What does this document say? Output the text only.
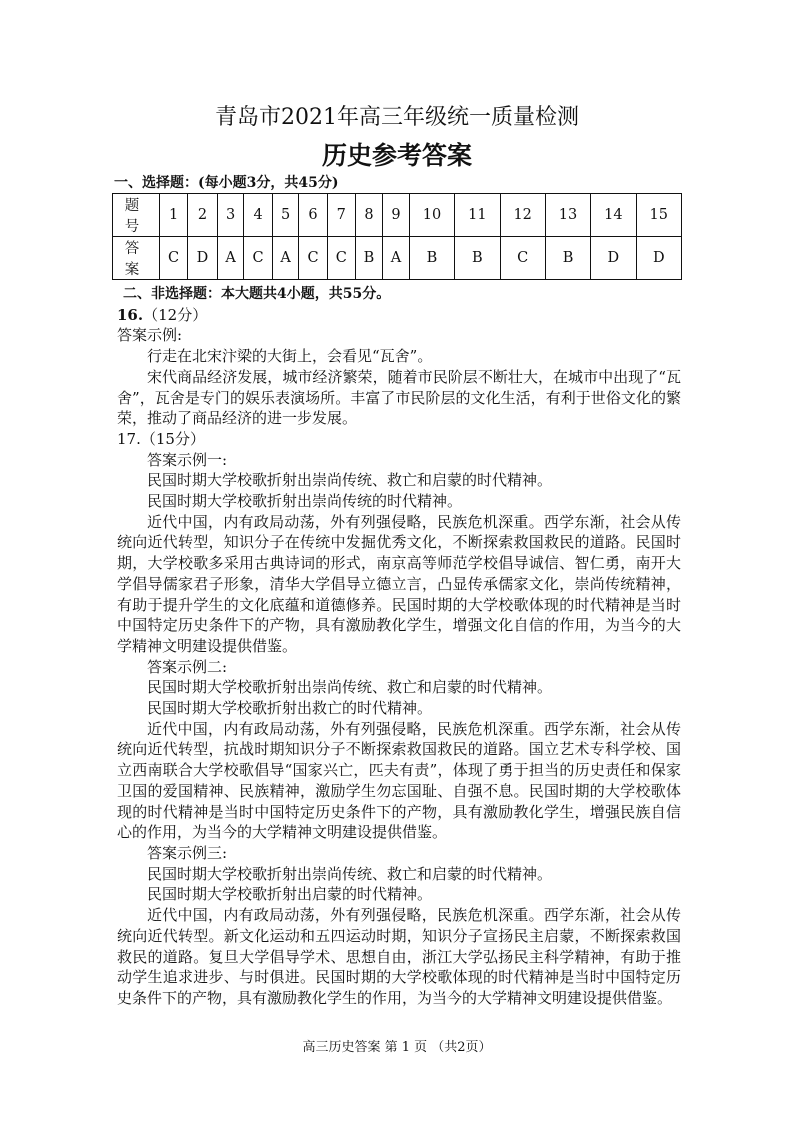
青岛市2021年高三年级统一质量检测
历史参考答案
一、选择题：(每小题3分，共45分)
题 号	1	2	3	4	5	6	7	8	9	10	11	12	13	14	15
答 案	C	D	A	C	A	C	C	B	A	B	B	C	B	D	D
二、非选择题：本大题共4小题，共55分。
16.（12分）

答案示例:

行走在北宋汴梁的大街上，会看见“瓦舍”。

宋代商品经济发展，城市经济繁荣，随着市民阶层不断壮大，在城市中出现了“瓦舍”，瓦舍是专门的娱乐表演场所。丰富了市民阶层的文化生活，有利于世俗文化的繁荣，推动了商品经济的进一步发展。

17.（15分）

答案示例一:

民国时期大学校歌折射出崇尚传统、救亡和启蒙的时代精神。

民国时期大学校歌折射出崇尚传统的时代精神。

近代中国，内有政局动荡，外有列强侵略，民族危机深重。西学东渐，社会从传统向近代转型，知识分子在传统中发掘优秀文化，不断探索救国救民的道路。民国时期，大学校歌多采用古典诗词的形式，南京高等师范学校倡导诚信、智仁勇，南开大学倡导儒家君子形象，清华大学倡导立德立言，凸显传承儒家文化，崇尚传统精神，有助于提升学生的文化底蕴和道德修养。民国时期的大学校歌体现的时代精神是当时中国特定历史条件下的产物，具有激励教化学生，增强文化自信的作用，为当今的大学精神文明建设提供借鉴。

答案示例二:

民国时期大学校歌折射出崇尚传统、救亡和启蒙的时代精神。

民国时期大学校歌折射出救亡的时代精神。

近代中国，内有政局动荡，外有列强侵略，民族危机深重。西学东渐，社会从传统向近代转型，抗战时期知识分子不断探索救国救民的道路。国立艺术专科学校、国立西南联合大学校歌倡导“国家兴亡，匹夫有责”，体现了勇于担当的历史责任和保家卫国的爱国精神、民族精神，激励学生勿忘国耻、自强不息。民国时期的大学校歌体现的时代精神是当时中国特定历史条件下的产物，具有激励教化学生，增强民族自信心的作用，为当今的大学精神文明建设提供借鉴。

答案示例三:

民国时期大学校歌折射出崇尚传统、救亡和启蒙的时代精神。

民国时期大学校歌折射出启蒙的时代精神。

近代中国，内有政局动荡，外有列强侵略，民族危机深重。西学东渐，社会从传统向近代转型。新文化运动和五四运动时期，知识分子宣扬民主启蒙，不断探索救国救民的道路。复旦大学倡导学术、思想自由，浙江大学弘扬民主科学精神，有助于推动学生追求进步、与时俱进。民国时期的大学校歌体现的时代精神是当时中国特定历史条件下的产物，具有激励教化学生的作用，为当今的大学精神文明建设提供借鉴。

高三历史答案 第 1 页 （共2页）
